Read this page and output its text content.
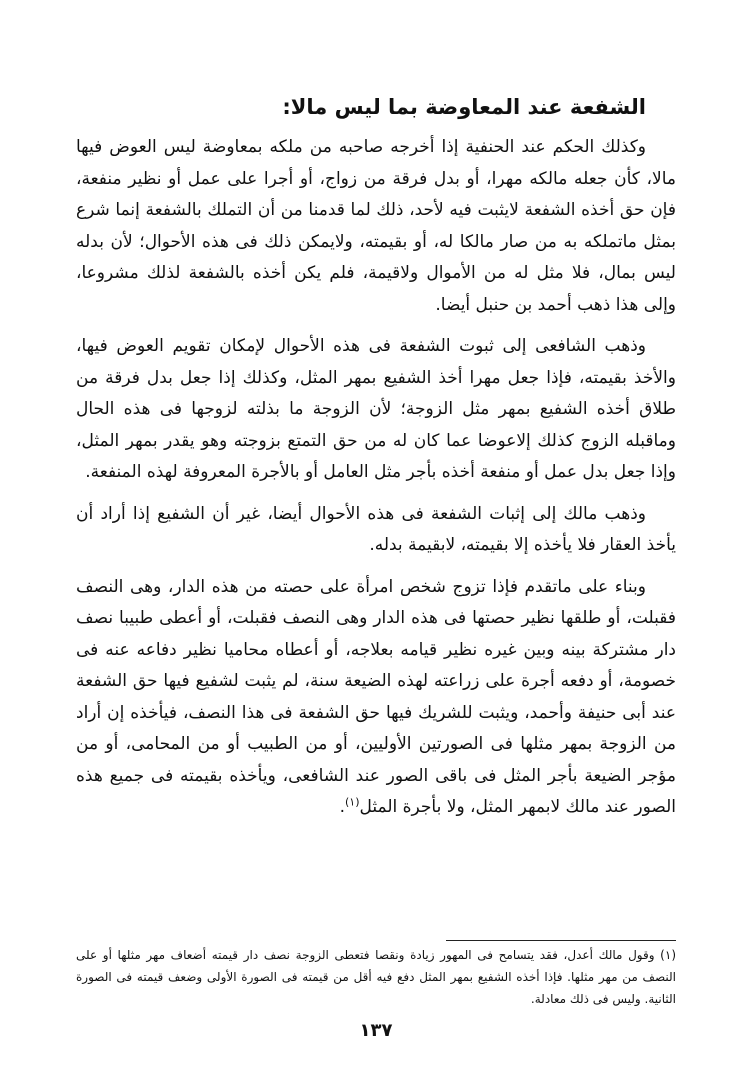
الشفعة عند المعاوضة بما ليس مالا:

وكذلك الحكم عند الحنفية إذا أخرجه صاحبه من ملكه بمعاوضة ليس العوض فيها مالا، كأن جعله مالكه مهرا، أو بدل فرقة من زواج، أو أجرا على عمل أو نظير منفعة، فإن حق أخذه الشفعة لايثبت فيه لأحد، ذلك لما قدمنا من أن التملك بالشفعة إنما شرع بمثل ماتملكه به من صار مالكا له، أو بقيمته، ولايمكن ذلك فى هذه الأحوال؛ لأن بدله ليس بمال، فلا مثل له من الأموال ولاقيمة، فلم يكن أخذه بالشفعة لذلك مشروعا، وإلى هذا ذهب أحمد بن حنبل أيضا.

وذهب الشافعى إلى ثبوت الشفعة فى هذه الأحوال لإمكان تقويم العوض فيها، والأخذ بقيمته، فإذا جعل مهرا أخذ الشفيع بمهر المثل، وكذلك إذا جعل بدل فرقة من طلاق أخذه الشفيع بمهر مثل الزوجة؛ لأن الزوجة ما بذلته لزوجها فى هذه الحال وماقبله الزوج كذلك إلاعوضا عما كان له من حق التمتع بزوجته وهو يقدر بمهر المثل، وإذا جعل بدل عمل أو منفعة أخذه بأجر مثل العامل أو بالأجرة المعروفة لهذه المنفعة.

وذهب مالك إلى إثبات الشفعة فى هذه الأحوال أيضا، غير أن الشفيع إذا أراد أن يأخذ العقار فلا يأخذه إلا بقيمته، لابقيمة بدله.

وبناء على ماتقدم فإذا تزوج شخص امرأة على حصته من هذه الدار، وهى النصف فقبلت، أو طلقها نظير حصتها فى هذه الدار وهى النصف فقبلت، أو أعطى طبيبا نصف دار مشتركة بينه وبين غيره نظير قيامه بعلاجه، أو أعطاه محاميا نظير دفاعه عنه فى خصومة، أو دفعه أجرة على زراعته لهذه الضيعة سنة، لم يثبت لشفيع فيها حق الشفعة عند أبى حنيفة وأحمد، ويثبت للشريك فيها حق الشفعة فى هذا النصف، فيأخذه إن أراد من الزوجة بمهر مثلها فى الصورتين الأوليين، أو من الطبيب أو من المحامى، أو من مؤجر الضيعة بأجر المثل فى باقى الصور عند الشافعى، ويأخذه بقيمته فى جميع هذه الصور عند مالك لابمهر المثل، ولا بأجرة المثل$^{(١)}$.

(١) وقول مالك أعدل، فقد يتسامح فى المهور زيادة ونقصا فتعطى الزوجة نصف دار قيمته أضعاف مهر مثلها أو على النصف من مهر مثلها. فإذا أخذه الشفيع بمهر المثل دفع فيه أقل من قيمته فى الصورة الأولى وضعف قيمته فى الصورة الثانية. وليس فى ذلك معادلة.

١٣٧
